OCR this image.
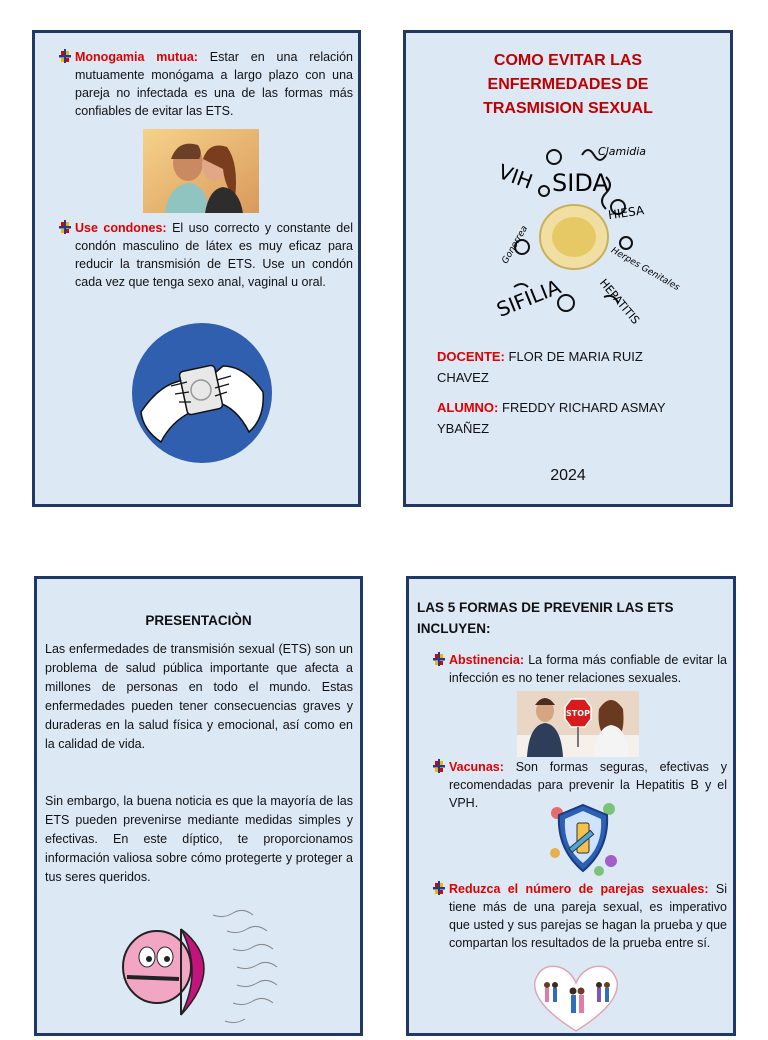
Monogamia mutua: Estar en una relación mutuamente monógama a largo plazo con una pareja no infectada es una de las formas más confiables de evitar las ETS.
Use condones: El uso correcto y constante del condón masculino de látex es muy eficaz para reducir la transmisión de ETS. Use un condón cada vez que tenga sexo anal, vaginal u oral.
COMO EVITAR LAS
ENFERMEDADES DE
TRASMISION SEXUAL
VIH SIDA
Clamidia
HIESA
Herpes Genitales
SIFILIA	HEPATITIS
Gonorrea
DOCENTE: FLOR DE MARIA RUIZ
CHAVEZ
ALUMNO: FREDDY RICHARD ASMAY
YBAÑEZ
2024
PRESENTACIÒN
Las enfermedades de transmisión sexual (ETS) son un problema de salud pública importante que afecta a millones de personas en todo el mundo. Estas enfermedades pueden tener consecuencias graves y duraderas en la salud física y emocional, así como en la calidad de vida.
Sin embargo, la buena noticia es que la mayoría de las ETS pueden prevenirse mediante medidas simples y efectivas. En este díptico, te proporcionamos información valiosa sobre cómo protegerte y proteger a tus seres queridos.
LAS 5 FORMAS DE PREVENIR LAS ETS INCLUYEN:
Abstinencia: La forma más confiable de evitar la infección es no tener relaciones sexuales.
STOP
Vacunas: Son formas seguras, efectivas y recomendadas para prevenir la Hepatitis B y el VPH.
Reduzca el número de parejas sexuales: Si tiene más de una pareja sexual, es imperativo que usted y sus parejas se hagan la prueba y que compartan los resultados de la prueba entre sí.
